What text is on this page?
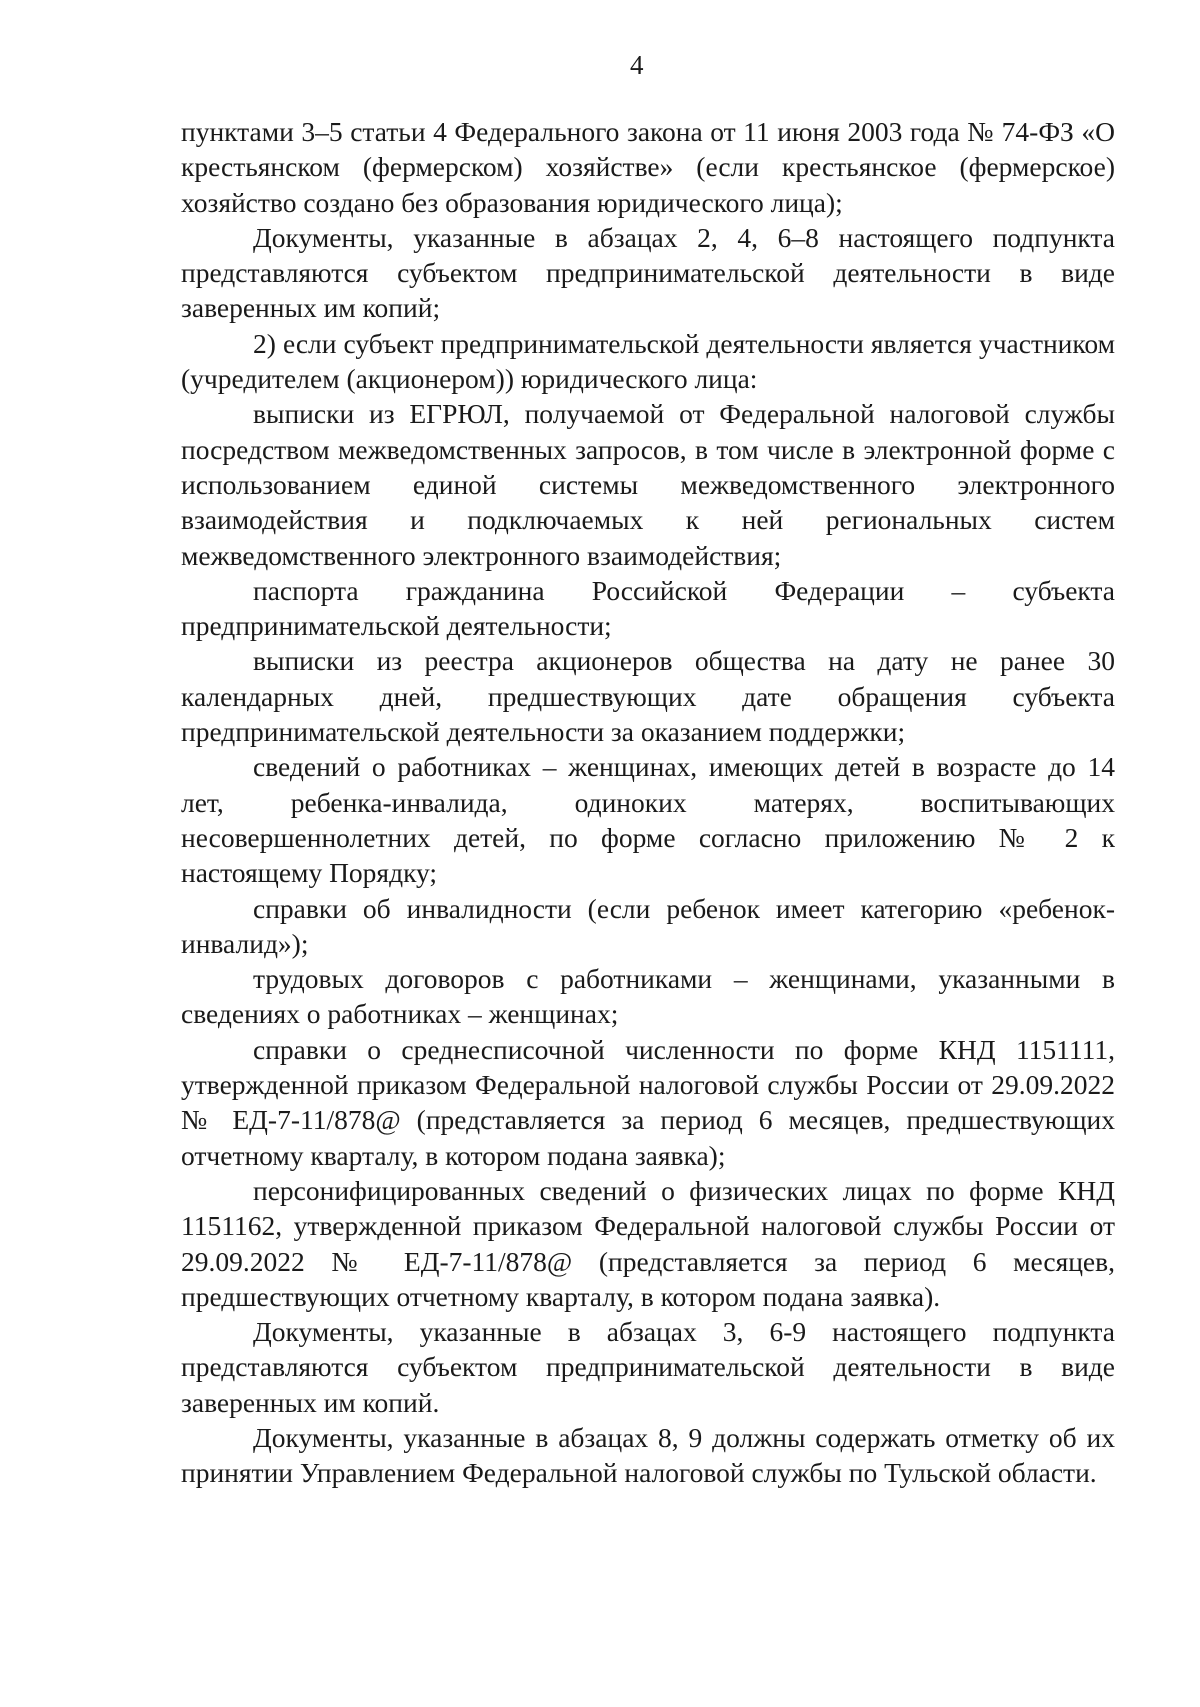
4

пунктами 3–5 статьи 4 Федерального закона от 11 июня 2003 года № 74-ФЗ «О крестьянском (фермерском) хозяйстве» (если крестьянское (фермерское) хозяйство создано без образования юридического лица);

Документы, указанные в абзацах 2, 4, 6–8 настоящего подпункта представляются субъектом предпринимательской деятельности в виде заверенных им копий;

2) если субъект предпринимательской деятельности является участником (учредителем (акционером)) юридического лица:

выписки из ЕГРЮЛ, получаемой от Федеральной налоговой службы посредством межведомственных запросов, в том числе в электронной форме с использованием единой системы межведомственного электронного взаимодействия и подключаемых к ней региональных систем межведомственного электронного взаимодействия;

паспорта гражданина Российской Федерации – субъекта предпринимательской деятельности;

выписки из реестра акционеров общества на дату не ранее 30 календарных дней, предшествующих дате обращения субъекта предпринимательской деятельности за оказанием поддержки;

сведений о работниках – женщинах, имеющих детей в возрасте до 14 лет, ребенка-инвалида, одиноких матерях, воспитывающих несовершеннолетних детей, по форме согласно приложению № 2 к настоящему Порядку;

справки об инвалидности (если ребенок имеет категорию «ребенок-инвалид»);

трудовых договоров с работниками – женщинами, указанными в сведениях о работниках – женщинах;

справки о среднесписочной численности по форме КНД 1151111, утвержденной приказом Федеральной налоговой службы России от 29.09.2022 № ЕД-7-11/878@ (представляется за период 6 месяцев, предшествующих отчетному кварталу, в котором подана заявка);

персонифицированных сведений о физических лицах по форме КНД 1151162, утвержденной приказом Федеральной налоговой службы России от 29.09.2022 № ЕД-7-11/878@ (представляется за период 6 месяцев, предшествующих отчетному кварталу, в котором подана заявка).

Документы, указанные в абзацах 3, 6-9 настоящего подпункта представляются субъектом предпринимательской деятельности в виде заверенных им копий.

Документы, указанные в абзацах 8, 9 должны содержать отметку об их принятии Управлением Федеральной налоговой службы по Тульской области.
